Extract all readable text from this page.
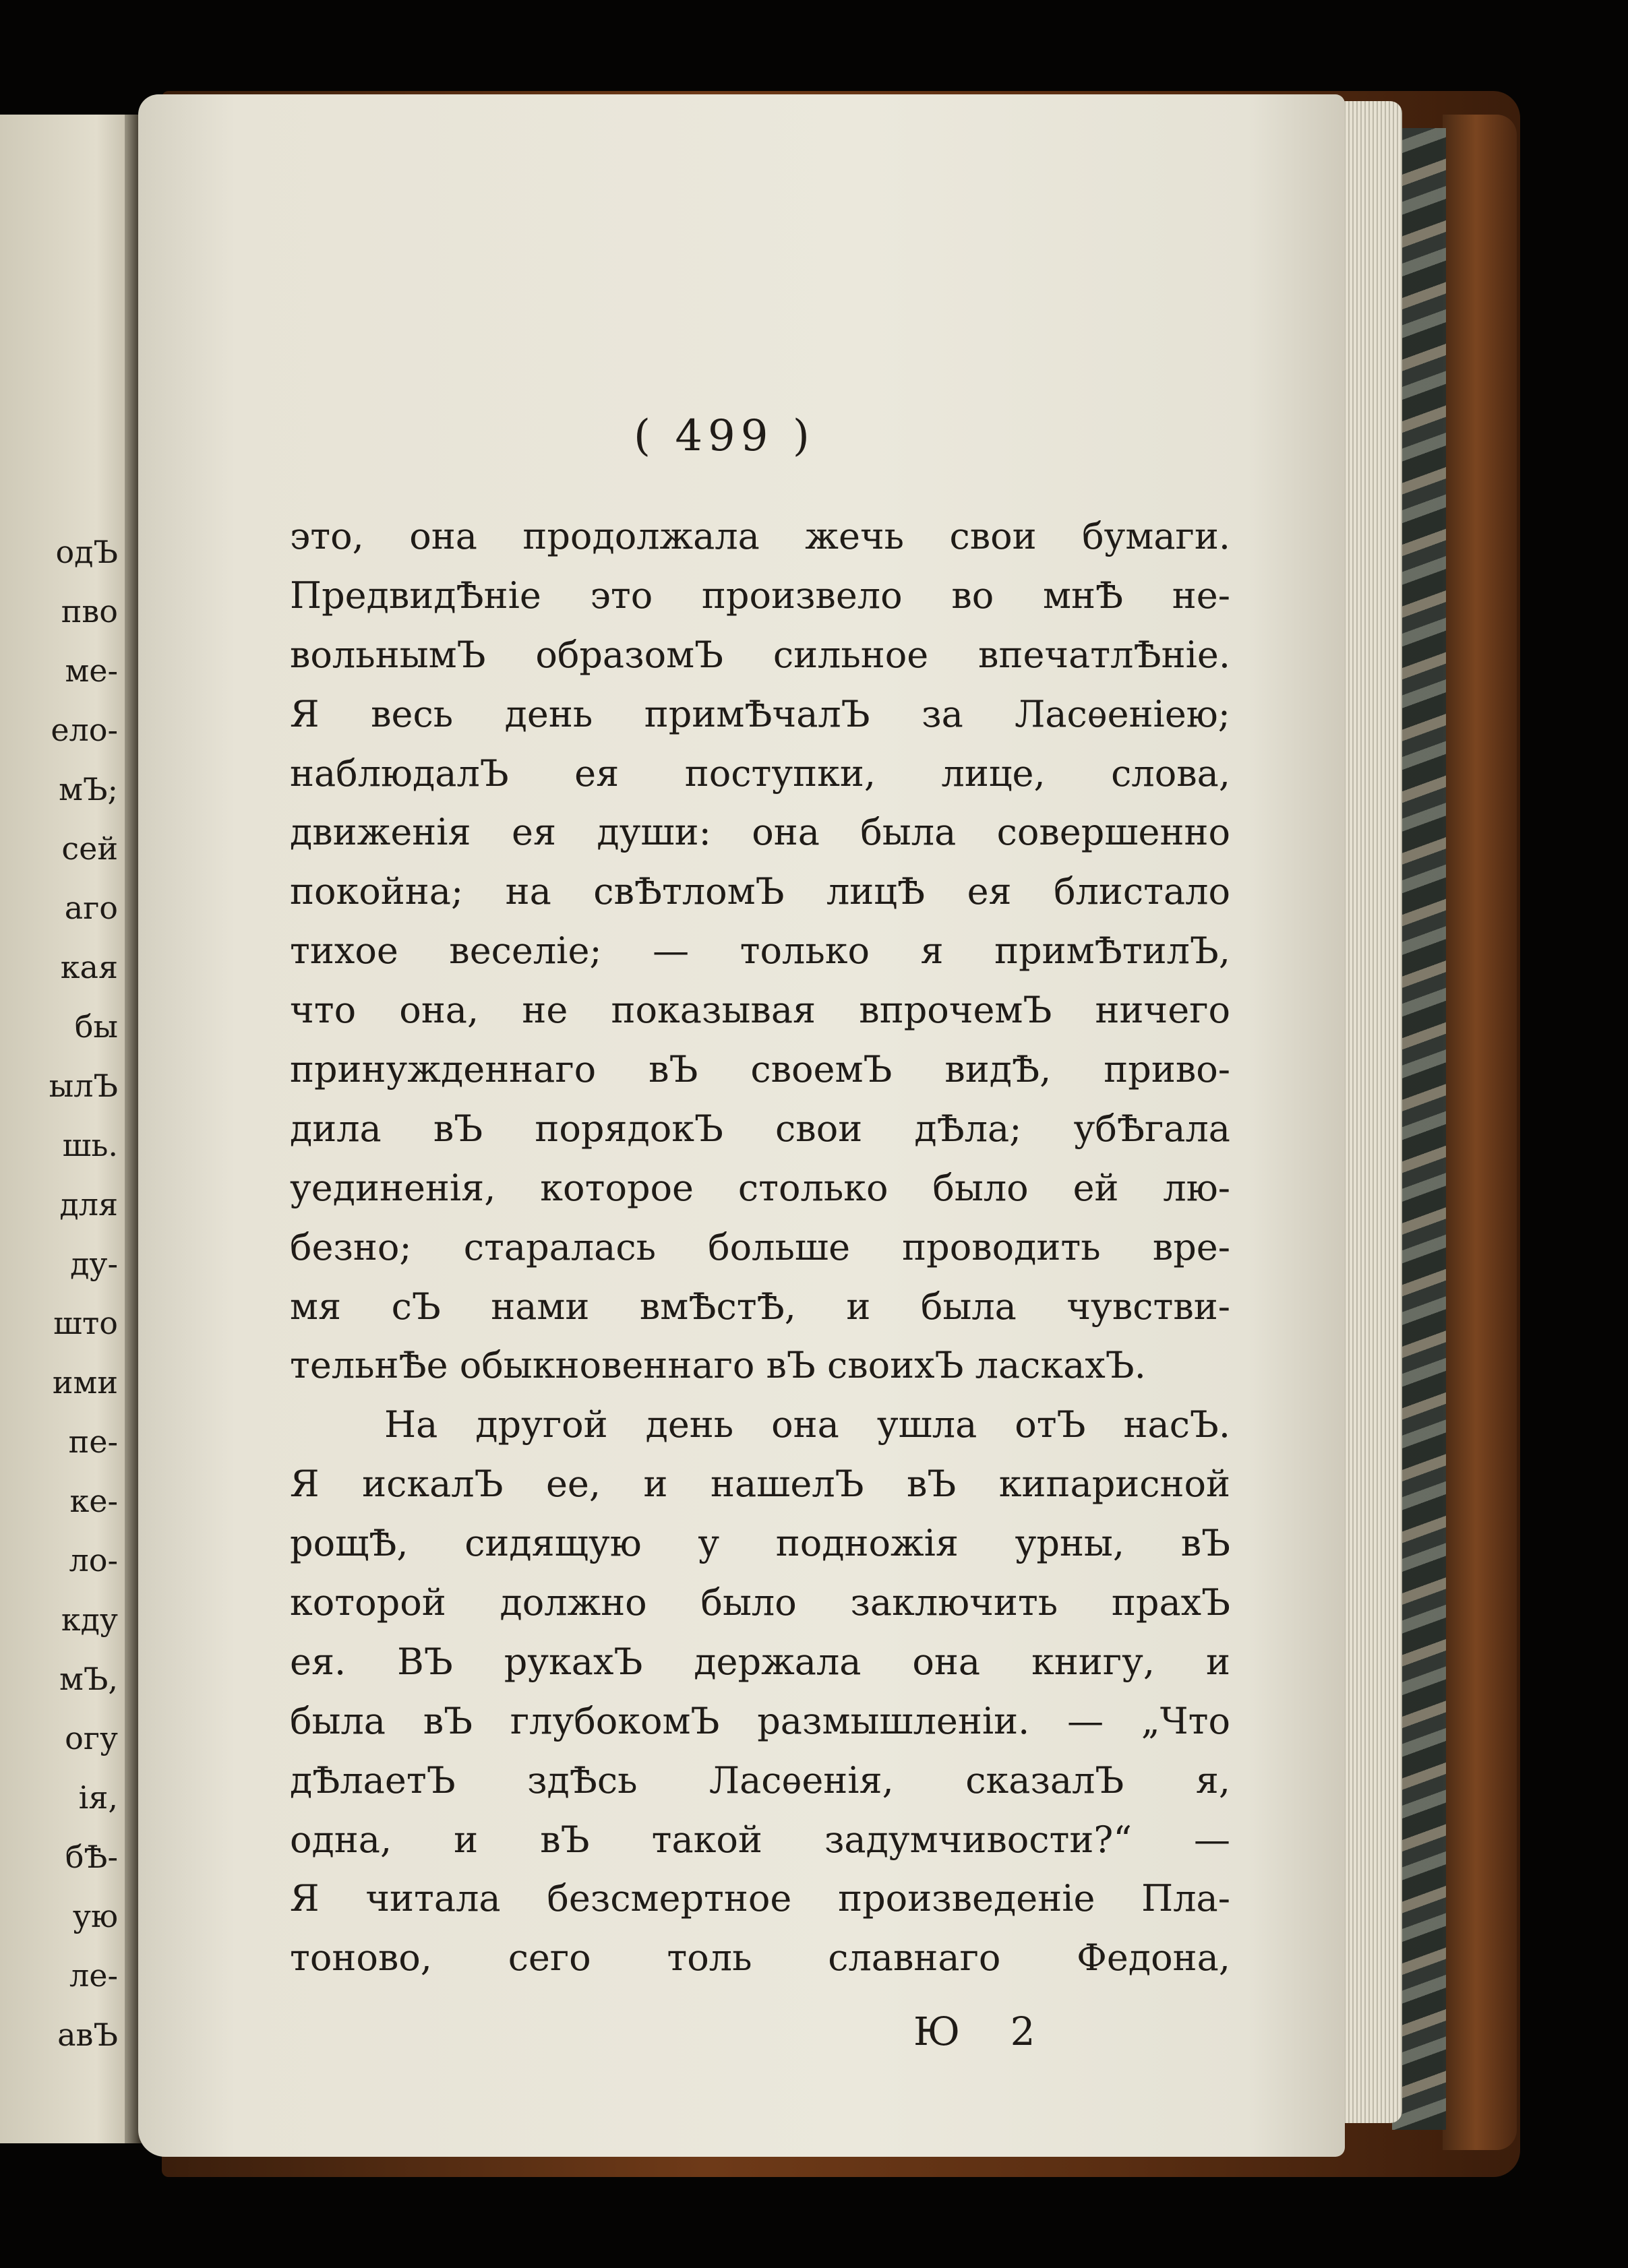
одЪ
пво
ме-
ело-
мЪ;
сей
аго
кая
бы
ылЪ
шь.
для
ду-
што
ими
пе-
ке-
ло-
кду
мЪ,
огу
ія,
бѢ-
ую
ле-
авЪ
( 499 )
это, она продолжала жечь свои бумаги.
ПредвидѢніе это произвело во мнѢ не-
вольнымЪ образомЪ сильное впечатлѢніе.
Я весь день примѢчалЪ за Ласѳеніею;
наблюдалЪ ея поступки, лице, слова,
движенія ея души: она была совершенно
покойна; на свѢтломЪ лицѢ ея блистало
тихое веселіе; — только я примѢтилЪ,
что она, не показывая впрочемЪ ничего
принужденнаго вЪ своемЪ видѢ, приво-
дила вЪ порядокЪ свои дѢла; убѢгала
уединенія, которое столько было ей лю-
безно; старалась больше проводить вре-
мя сЪ нами вмѢстѢ, и была чувстви-
тельнѢе обыкновеннаго вЪ своихЪ ласкахЪ.
На другой день она ушла отЪ насЪ.
Я искалЪ ее, и нашелЪ вЪ кипарисной
рощѢ, сидящую у подножія урны, вЪ
которой должно было заключить прахЪ
ея. ВЪ рукахЪ держала она книгу, и
была вЪ глубокомЪ размышленіи. — „Что
дѢлаетЪ здѢсь Ласѳенія, сказалЪ я,
одна, и вЪ такой задумчивости?“ —
Я читала безсмертное произведеніе Пла-
тоново, сего толь славнаго Федона,
Ю 2
